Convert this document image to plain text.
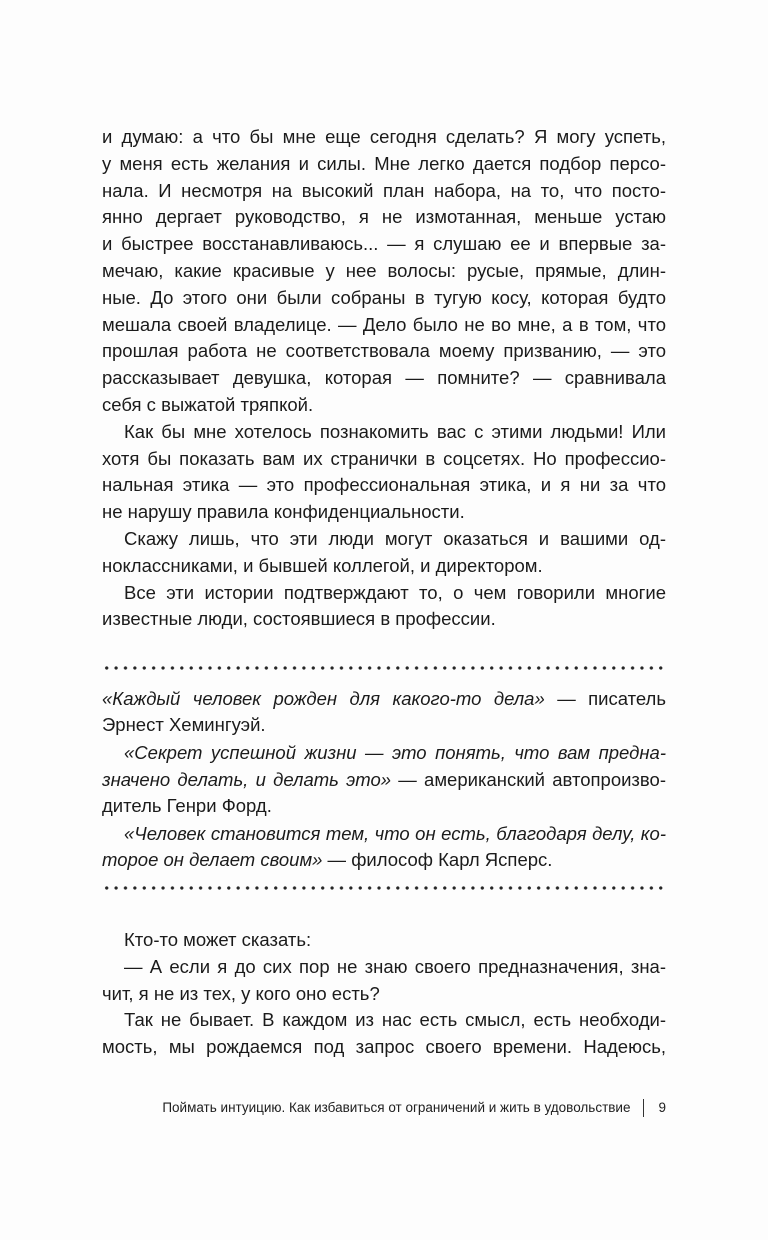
и думаю: а что бы мне еще сегодня сделать? Я могу успеть,
у меня есть желания и силы. Мне легко дается подбор персо-
нала. И несмотря на высокий план набора, на то, что посто-
янно дергает руководство, я не измотанная, меньше устаю
и быстрее восстанавливаюсь... — я слушаю ее и впервые за-
мечаю, какие красивые у нее волосы: русые, прямые, длин-
ные. До этого они были собраны в тугую косу, которая будто
мешала своей владелице. — Дело было не во мне, а в том, что
прошлая работа не соответствовала моему призванию, — это
рассказывает девушка, которая — помните? — сравнивала
себя с выжатой тряпкой.
Как бы мне хотелось познакомить вас с этими людьми! Или
хотя бы показать вам их странички в соцсетях. Но профессио-
нальная этика — это профессиональная этика, и я ни за что
не нарушу правила конфиденциальности.
Скажу лишь, что эти люди могут оказаться и вашими од-
ноклассниками, и бывшей коллегой, и директором.
Все эти истории подтверждают то, о чем говорили многие
известные люди, состоявшиеся в профессии.
«Каждый человек рожден для какого-то дела» — писатель
Эрнест Хемингуэй.
«Секрет успешной жизни — это понять, что вам предна-
значено делать, и делать это» — американский автопроизво-
дитель Генри Форд.
«Человек становится тем, что он есть, благодаря делу, ко-
торое он делает своим» — философ Карл Ясперс.
Кто-то может сказать:
— А если я до сих пор не знаю своего предназначения, зна-
чит, я не из тех, у кого оно есть?
Так не бывает. В каждом из нас есть смысл, есть необходи-
мость, мы рождаемся под запрос своего времени. Надеюсь,
Поймать интуицию. Как избавиться от ограничений и жить в удовольствие 9
